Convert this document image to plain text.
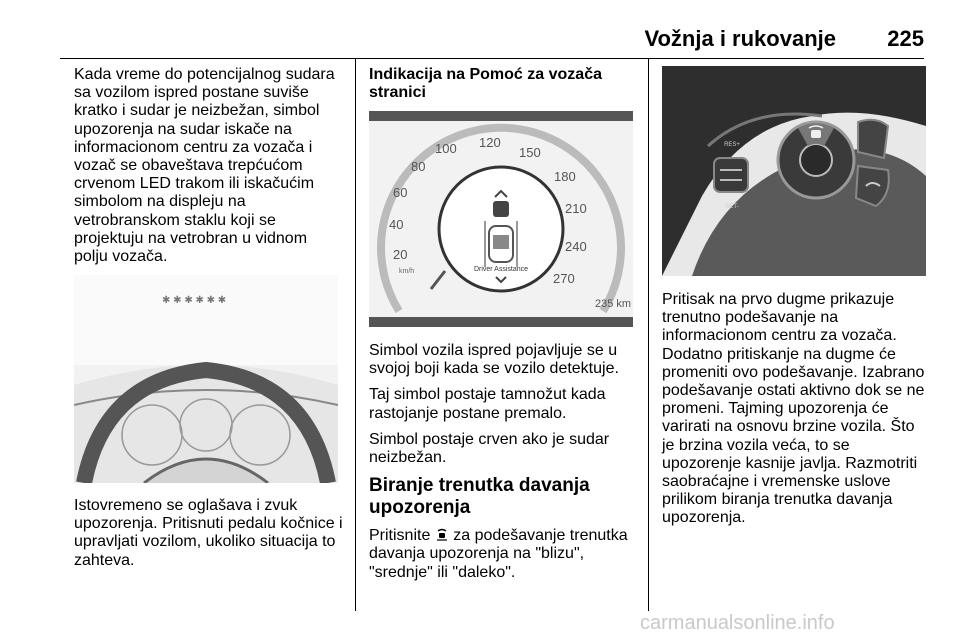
Vožnja i rukovanje 225

Kada vreme do potencijalnog sudara sa vozilom ispred postane suviše kratko i sudar je neizbežan, simbol upozorenja na sudar iskače na informacionom centru za vozača i vozač se obaveštava trepćućom crvenom LED trakom ili iskačućim simbolom na displeju na vetrobranskom staklu koji se projektuju na vetrobran u vidnom polju vozača.

✱ ✱ ✱ ✱ ✱ ✱

Istovremeno se oglašava i zvuk upozorenja. Pritisnuti pedalu kočnice i upravljati vozilom, ukoliko situacija to zahteva.

Indikacija na Pomoć za vozača stranici

20
40
60
80
100 120
150
180
210
240
270
km/h
235 km
Driver Assistance

Simbol vozila ispred pojavljuje se u svojoj boji kada se vozilo detektuje.

Taj simbol postaje tamnožut kada rastojanje postane premalo.

Simbol postaje crven ako je sudar neizbežan.

Biranje trenutka davanja upozorenja

Pritisnite  za podešavanje trenutka davanja upozorenja na "blizu", "srednje" ili "daleko".

RES+
SET-

Pritisak na prvo dugme prikazuje trenutno podešavanje na informacionom centru za vozača. Dodatno pritiskanje na dugme će promeniti ovo podešavanje. Izabrano podešavanje ostati aktivno dok se ne promeni. Tajming upozorenja će varirati na osnovu brzine vozila. Što je brzina vozila veća, to se upozorenje kasnije javlja. Razmotriti saobraćajne i vremenske uslove prilikom biranja trenutka davanja upozorenja.

carmanualsonline.info
